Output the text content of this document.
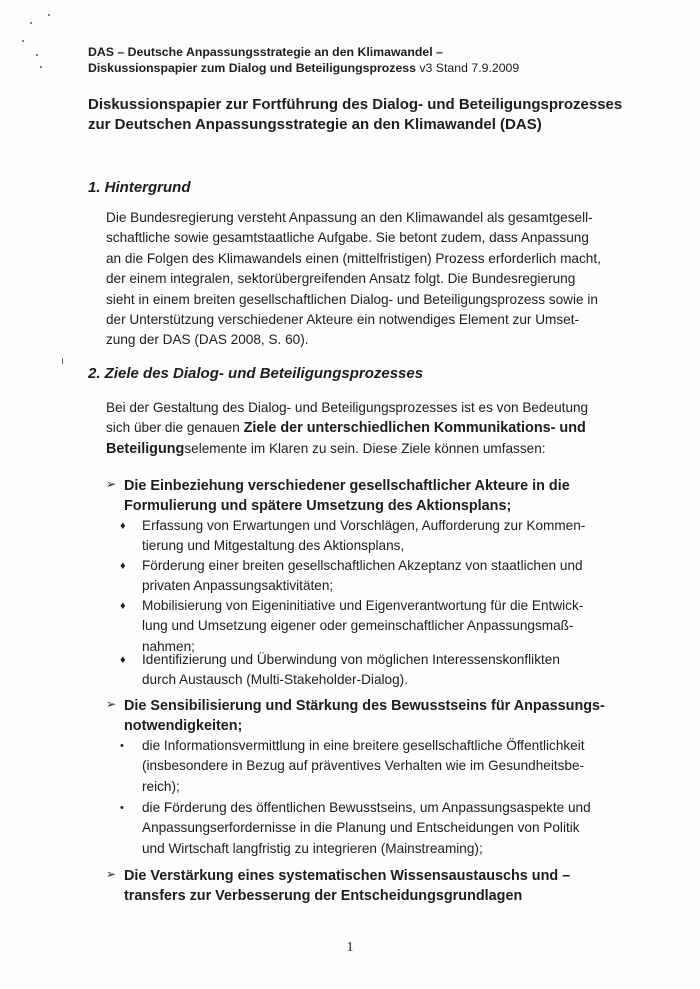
DAS – Deutsche Anpassungsstrategie an den Klimawandel –
Diskussionspapier zum Dialog und Beteiligungsprozess v3 Stand 7.9.2009
Diskussionspapier zur Fortführung des Dialog- und Beteiligungsprozesses
zur Deutschen Anpassungsstrategie an den Klimawandel (DAS)
1. Hintergrund
Die Bundesregierung versteht Anpassung an den Klimawandel als gesamtgesell-
schaftliche sowie gesamtstaatliche Aufgabe. Sie betont zudem, dass Anpassung
an die Folgen des Klimawandels einen (mittelfristigen) Prozess erforderlich macht,
der einem integralen, sektorübergreifenden Ansatz folgt. Die Bundesregierung
sieht in einem breiten gesellschaftlichen Dialog- und Beteiligungsprozess sowie in
der Unterstützung verschiedener Akteure ein notwendiges Element zur Umset-
zung der DAS (DAS 2008, S. 60).
2. Ziele des Dialog- und Beteiligungsprozesses
Bei der Gestaltung des Dialog- und Beteiligungsprozesses ist es von Bedeutung
sich über die genauen Ziele der unterschiedlichen Kommunikations- und
Beteiligungselemente im Klaren zu sein. Diese Ziele können umfassen:
➢ Die Einbeziehung verschiedener gesellschaftlicher Akteure in die
Formulierung und spätere Umsetzung des Aktionsplans;
♦ Erfassung von Erwartungen und Vorschlägen, Aufforderung zur Kommen-
tierung und Mitgestaltung des Aktionsplans,
♦ Förderung einer breiten gesellschaftlichen Akzeptanz von staatlichen und
privaten Anpassungsaktivitäten;
♦ Mobilisierung von Eigeninitiative und Eigenverantwortung für die Entwick-
lung und Umsetzung eigener oder gemeinschaftlicher Anpassungsmaß-
nahmen;
♦ Identifizierung und Überwindung von möglichen Interessenskonflikten
durch Austausch (Multi-Stakeholder-Dialog).
➢ Die Sensibilisierung und Stärkung des Bewusstseins für Anpassungs-
notwendigkeiten;
• die Informationsvermittlung in eine breitere gesellschaftliche Öffentlichkeit
(insbesondere in Bezug auf präventives Verhalten wie im Gesundheitsbe-
reich);
• die Förderung des öffentlichen Bewusstseins, um Anpassungsaspekte und
Anpassungserfordernisse in die Planung und Entscheidungen von Politik
und Wirtschaft langfristig zu integrieren (Mainstreaming);
➢ Die Verstärkung eines systematischen Wissensaustauschs und –
transfers zur Verbesserung der Entscheidungsgrundlagen
1
